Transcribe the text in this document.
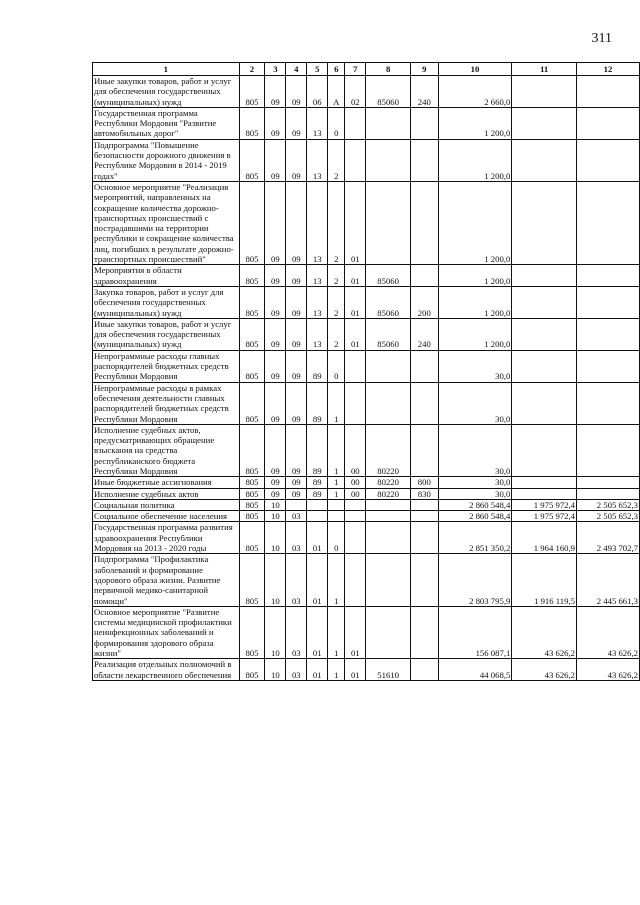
311
1	2	3	4	5	6	7	8	9	10	11	12
Иные закупки товаров, работ и услуг для обеспечения государственных (муниципальных) нужд	805	09	09	06	А	02	85060	240	2 660,0		
Государственная программа Республики Мордовия "Развитие автомобильных дорог"	805	09	09	13	0				1 200,0		
Подпрограмма "Повышение безопасности дорожного движения в Республике Мордовия в 2014 - 2019 годах"	805	09	09	13	2				1 200,0		
Основное мероприятие "Реализация мероприятий, направленных на сокращение количества дорожно-транспортных происшествий с пострадавшими на территории республики и сокращение количества лиц, погибших в результате дорожно-транспортных происшествий"	805	09	09	13	2	01			1 200,0		
Мероприятия в области здравоохранения	805	09	09	13	2	01	85060		1 200,0		
Закупка товаров, работ и услуг для обеспечения государственных (муниципальных) нужд	805	09	09	13	2	01	85060	200	1 200,0		
Иные закупки товаров, работ и услуг для обеспечения государственных (муниципальных) нужд	805	09	09	13	2	01	85060	240	1 200,0		
Непрограммные расходы главных распорядителей бюджетных средств Республики Мордовия	805	09	09	89	0				30,0		
Непрограммные расходы в рамках обеспечения деятельности главных распорядителей бюджетных средств Республики Мордовия	805	09	09	89	1				30,0		
Исполнение судебных актов, предусматривающих обращение взыскания на средства республиканского бюджета Республики Мордовия	805	09	09	89	1	00	80220		30,0		
Иные бюджетные ассигнования	805	09	09	89	1	00	80220	800	30,0		
Исполнение судебных актов	805	09	09	89	1	00	80220	830	30,0		
Социальная политика	805	10							2 860 548,4	1 975 972,4	2 505 652,3
Социальное обеспечение населения	805	10	03						2 860 548,4	1 975 972,4	2 505 652,3
Государственная программа развития здравоохранения Республики Мордовия на 2013 - 2020 годы	805	10	03	01	0				2 851 350,2	1 964 160,9	2 493 702,7
Подпрограмма "Профилактика заболеваний и формирование здорового образа жизни. Развитие первичной медико-санитарной помощи"	805	10	03	01	1				2 803 795,9	1 916 119,5	2 445 661,3
Основное мероприятие "Развитие системы медицинской профилактики неинфекционных заболеваний и формирования здорового образа жизни"	805	10	03	01	1	01			156 087,1	43 626,2	43 626,2
Реализация отдельных полномочий в области лекарственного обеспечения	805	10	03	01	1	01	51610		44 068,5	43 626,2	43 626,2
